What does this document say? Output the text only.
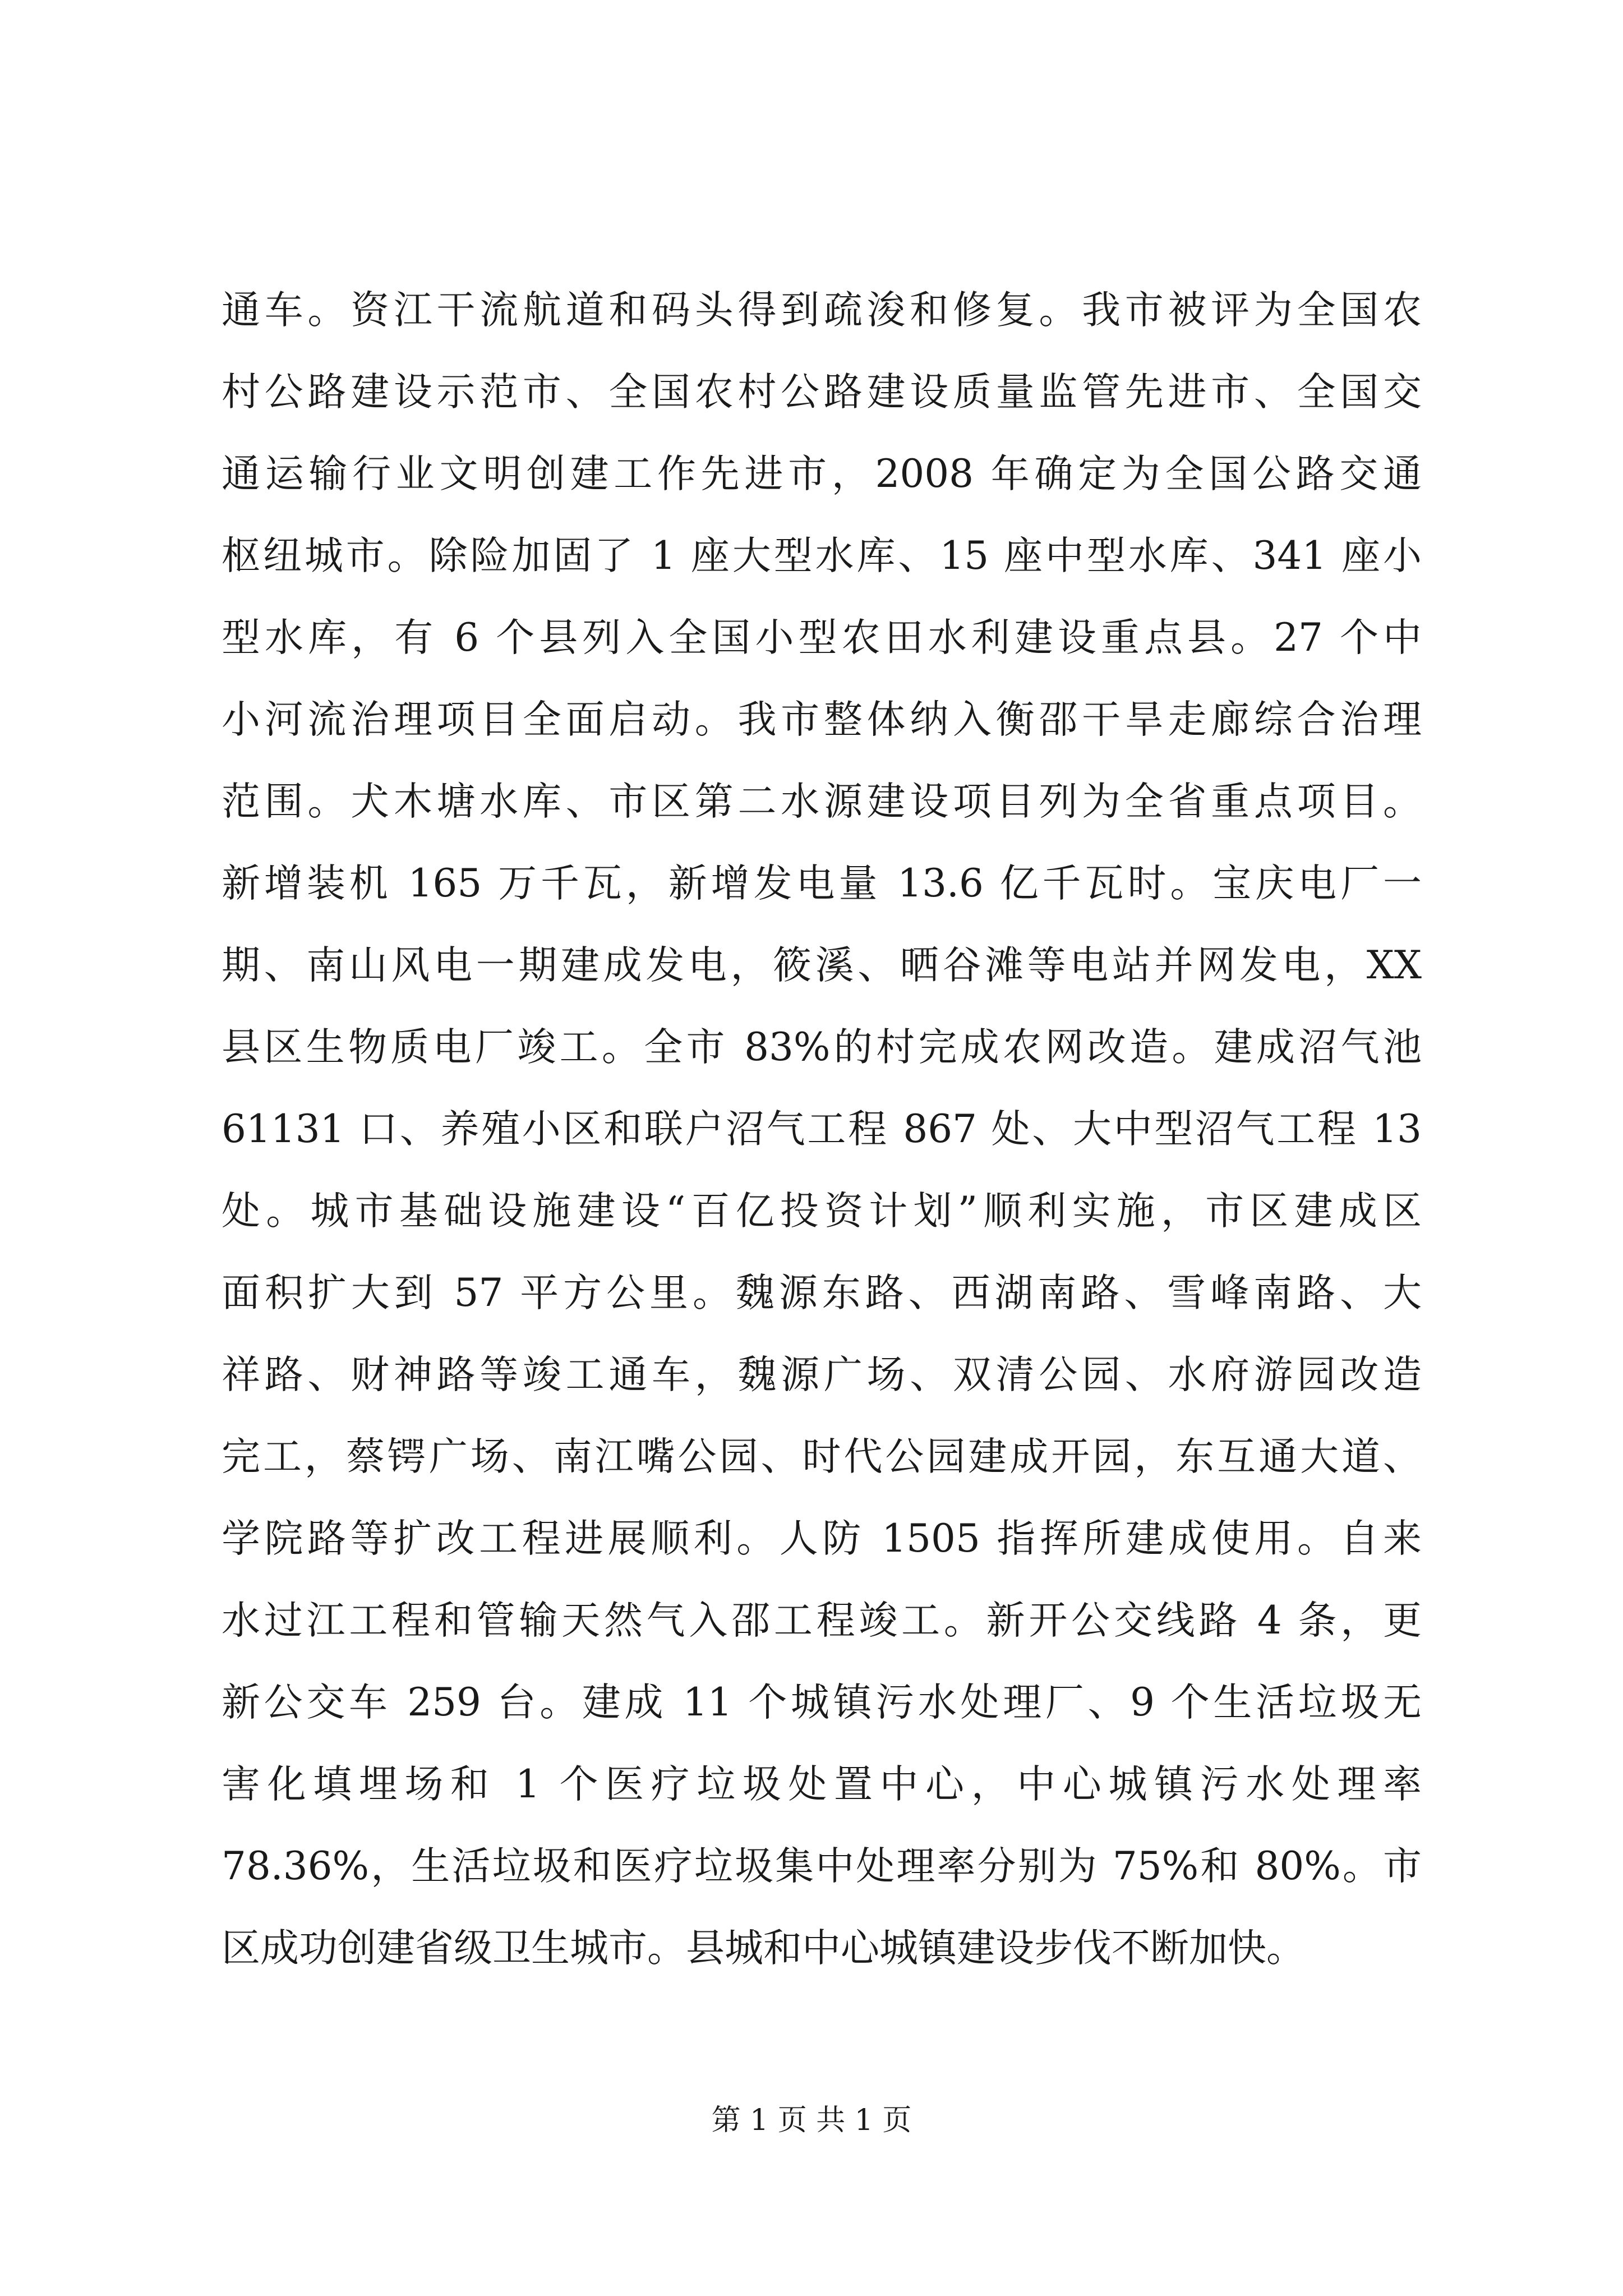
通车。资江干流航道和码头得到疏浚和修复。我市被评为全国农
村公路建设示范市、全国农村公路建设质量监管先进市、全国交
通运输行业文明创建工作先进市，2008 年确定为全国公路交通
枢纽城市。除险加固了 1 座大型水库、15 座中型水库、341 座小
型水库，有 6 个县列入全国小型农田水利建设重点县。27 个中
小河流治理项目全面启动。我市整体纳入衡邵干旱走廊综合治理
范围。犬木塘水库、市区第二水源建设项目列为全省重点项目。
新增装机 165 万千瓦，新增发电量 13.6 亿千瓦时。宝庆电厂一
期、南山风电一期建成发电，筱溪、晒谷滩等电站并网发电，XX
县区生物质电厂竣工。全市 83%的村完成农网改造。建成沼气池
61131 口、养殖小区和联户沼气工程 867 处、大中型沼气工程 13
处。城市基础设施建设“百亿投资计划”顺利实施，市区建成区
面积扩大到 57 平方公里。魏源东路、西湖南路、雪峰南路、大
祥路、财神路等竣工通车，魏源广场、双清公园、水府游园改造
完工，蔡锷广场、南江嘴公园、时代公园建成开园，东互通大道、
学院路等扩改工程进展顺利。人防 1505 指挥所建成使用。自来
水过江工程和管输天然气入邵工程竣工。新开公交线路 4 条，更
新公交车 259 台。建成 11 个城镇污水处理厂、9 个生活垃圾无
害化填埋场和 1 个医疗垃圾处置中心，中心城镇污水处理率
78.36%，生活垃圾和医疗垃圾集中处理率分别为 75%和 80%。市
区成功创建省级卫生城市。县城和中心城镇建设步伐不断加快。
第 1 页 共 1 页
